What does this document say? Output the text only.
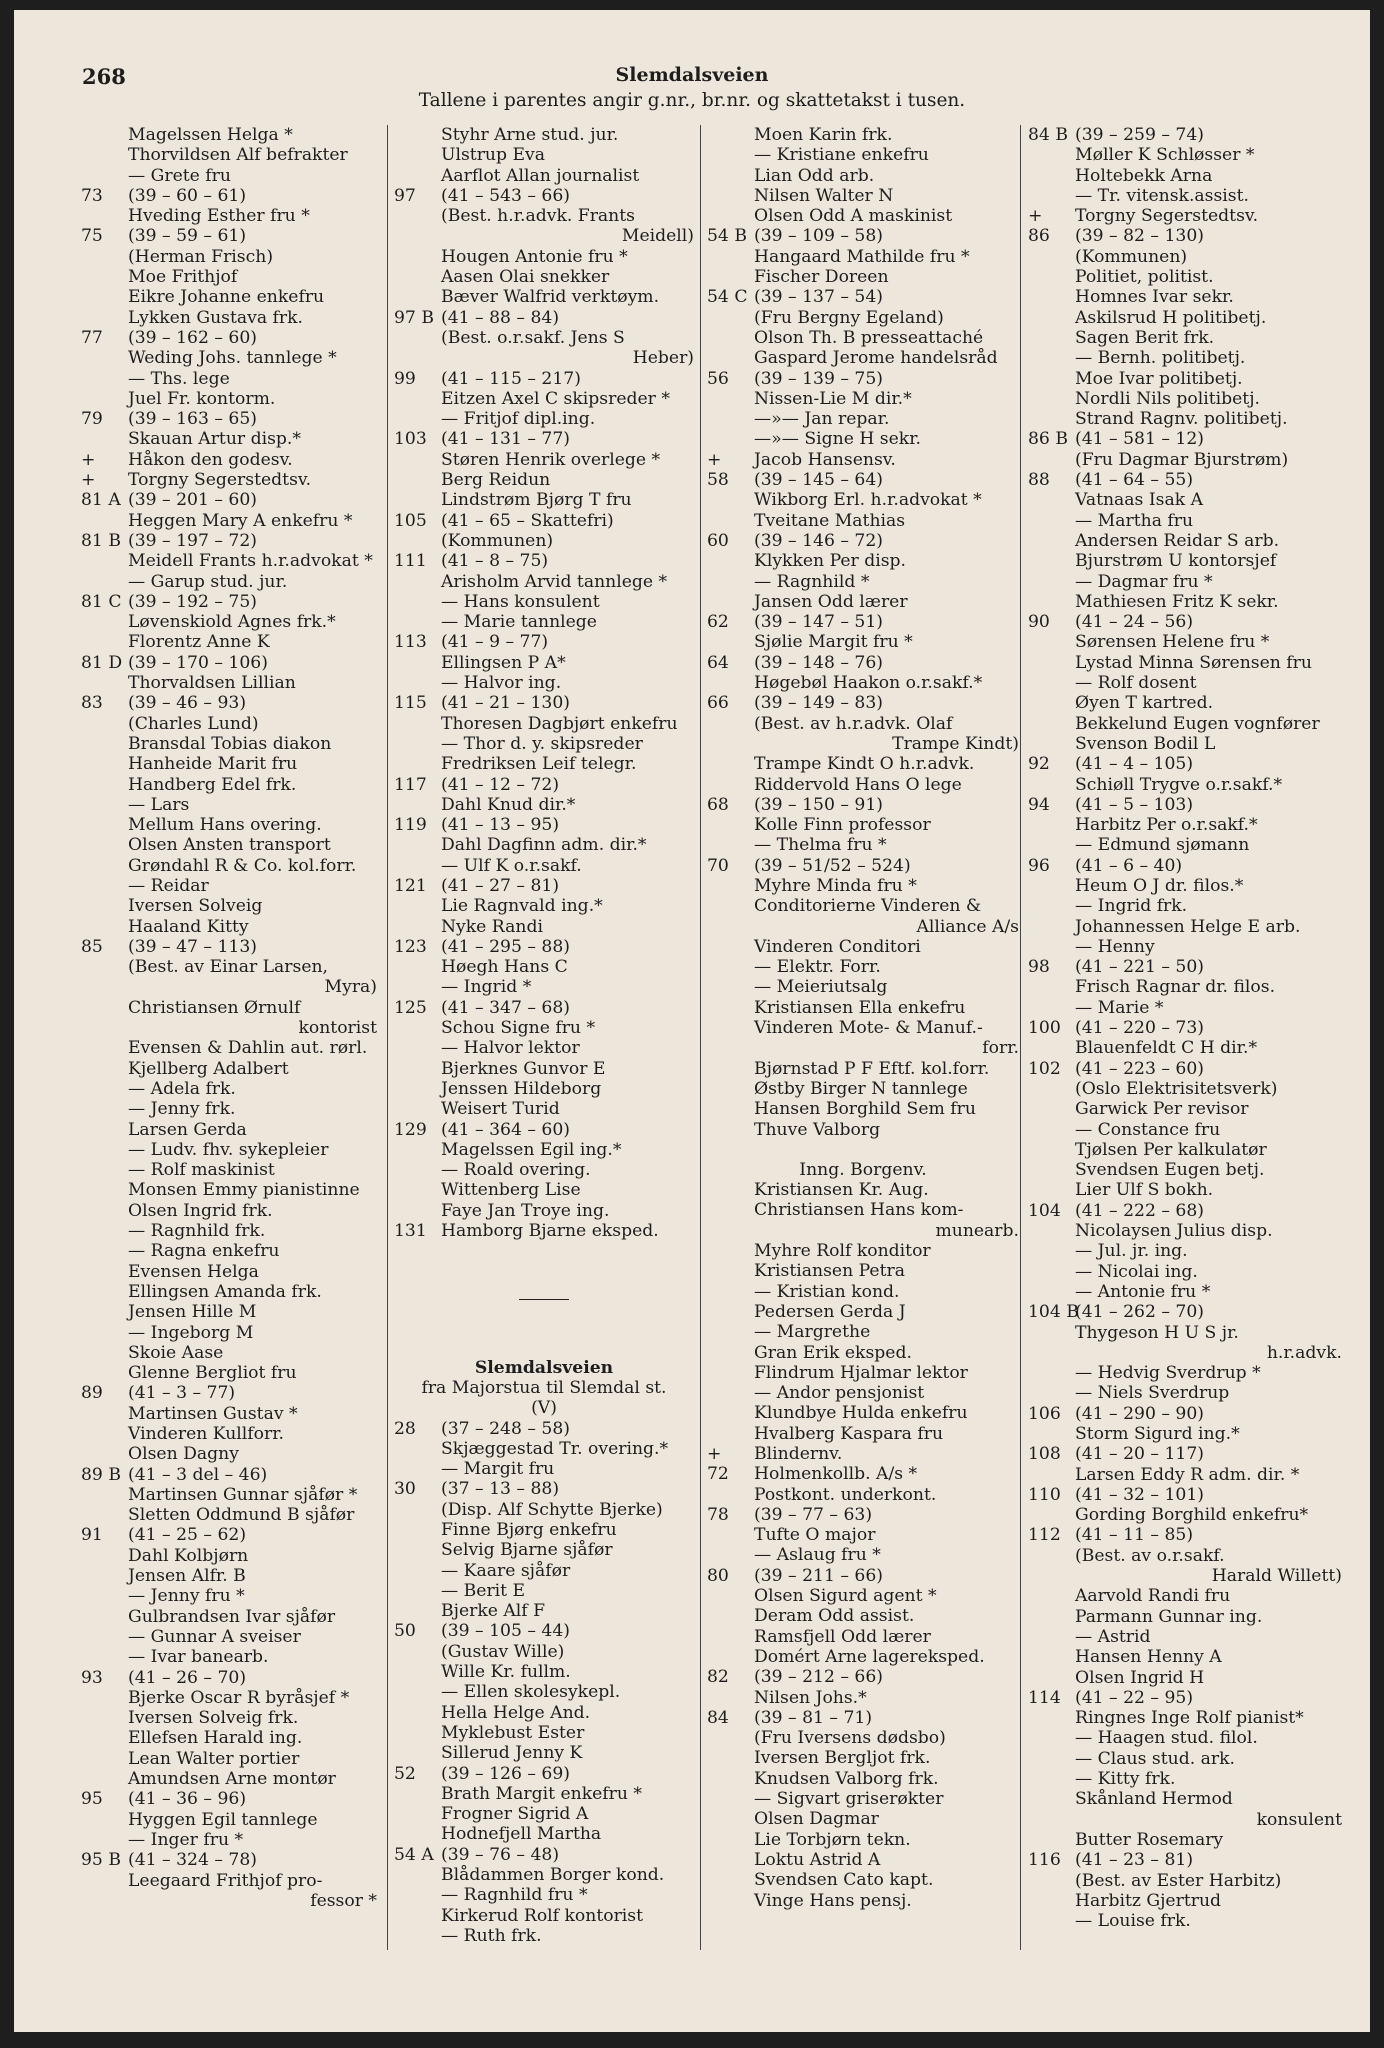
268	Slemdalsveien
Tallene i parentes angir g.nr., br.nr. og skattetakst i tusen.
Magelssen Helga *
Thorvildsen Alf befrakter
— Grete fru
73 (39 – 60 – 61)
Hveding Esther fru *
75 (39 – 59 – 61)
(Herman Frisch)
Moe Frithjof
Eikre Johanne enkefru
Lykken Gustava frk.
77 (39 – 162 – 60)
Weding Johs. tannlege *
— Ths. lege
Juel Fr. kontorm.
79 (39 – 163 – 65)
Skauan Artur disp.*
+ Håkon den godesv.
+ Torgny Segerstedtsv.
81 A (39 – 201 – 60)
Heggen Mary A enkefru *
81 B (39 – 197 – 72)
Meidell Frants h.r.advokat *
— Garup stud. jur.
81 C (39 – 192 – 75)
Løvenskiold Agnes frk.*
Florentz Anne K
81 D (39 – 170 – 106)
Thorvaldsen Lillian
83 (39 – 46 – 93)
(Charles Lund)
Bransdal Tobias diakon
Hanheide Marit fru
Handberg Edel frk.
— Lars
Mellum Hans overing.
Olsen Ansten transport
Grøndahl R & Co. kol.forr.
— Reidar
Iversen Solveig
Haaland Kitty
85 (39 – 47 – 113)
(Best. av Einar Larsen,
Myra)
Christiansen Ørnulf
kontorist
Evensen & Dahlin aut. rørl.
Kjellberg Adalbert
— Adela frk.
— Jenny frk.
Larsen Gerda
— Ludv. fhv. sykepleier
— Rolf maskinist
Monsen Emmy pianistinne
Olsen Ingrid frk.
— Ragnhild frk.
— Ragna enkefru
Evensen Helga
Ellingsen Amanda frk.
Jensen Hille M
— Ingeborg M
Skoie Aase
Glenne Bergliot fru
89 (41 – 3 – 77)
Martinsen Gustav *
Vinderen Kullforr.
Olsen Dagny
89 B (41 – 3 del – 46)
Martinsen Gunnar sjåfør *
Sletten Oddmund B sjåfør
91 (41 – 25 – 62)
Dahl Kolbjørn
Jensen Alfr. B
— Jenny fru *
Gulbrandsen Ivar sjåfør
— Gunnar A sveiser
— Ivar banearb.
93 (41 – 26 – 70)
Bjerke Oscar R byråsjef *
Iversen Solveig frk.
Ellefsen Harald ing.
Lean Walter portier
Amundsen Arne montør
95 (41 – 36 – 96)
Hyggen Egil tannlege
— Inger fru *
95 B (41 – 324 – 78)
Leegaard Frithjof pro-
fessor *
Styhr Arne stud. jur.
Ulstrup Eva
Aarflot Allan journalist
97 (41 – 543 – 66)
(Best. h.r.advk. Frants
Meidell)
Hougen Antonie fru *
Aasen Olai snekker
Bæver Walfrid verktøym.
97 B (41 – 88 – 84)
(Best. o.r.sakf. Jens S
Heber)
99 (41 – 115 – 217)
Eitzen Axel C skipsreder *
— Fritjof dipl.ing.
103 (41 – 131 – 77)
Støren Henrik overlege *
Berg Reidun
Lindstrøm Bjørg T fru
105 (41 – 65 – Skattefri)
(Kommunen)
111 (41 – 8 – 75)
Arisholm Arvid tannlege *
— Hans konsulent
— Marie tannlege
113 (41 – 9 – 77)
Ellingsen P A*
— Halvor ing.
115 (41 – 21 – 130)
Thoresen Dagbjørt enkefru
— Thor d. y. skipsreder
Fredriksen Leif telegr.
117 (41 – 12 – 72)
Dahl Knud dir.*
119 (41 – 13 – 95)
Dahl Dagfinn adm. dir.*
— Ulf K o.r.sakf.
121 (41 – 27 – 81)
Lie Ragnvald ing.*
Nyke Randi
123 (41 – 295 – 88)
Høegh Hans C
— Ingrid *
125 (41 – 347 – 68)
Schou Signe fru *
— Halvor lektor
Bjerknes Gunvor E
Jenssen Hildeborg
Weisert Turid
129 (41 – 364 – 60)
Magelssen Egil ing.*
— Roald overing.
Wittenberg Lise
Faye Jan Troye ing.
131 Hamborg Bjarne eksped.
Slemdalsveien
fra Majorstua til Slemdal st.
(V)
28 (37 – 248 – 58)
Skjæggestad Tr. overing.*
— Margit fru
30 (37 – 13 – 88)
(Disp. Alf Schytte Bjerke)
Finne Bjørg enkefru
Selvig Bjarne sjåfør
— Kaare sjåfør
— Berit E
Bjerke Alf F
50 (39 – 105 – 44)
(Gustav Wille)
Wille Kr. fullm.
— Ellen skolesykepl.
Hella Helge And.
Myklebust Ester
Sillerud Jenny K
52 (39 – 126 – 69)
Brath Margit enkefru *
Frogner Sigrid A
Hodnefjell Martha
54 A (39 – 76 – 48)
Blådammen Borger kond.
— Ragnhild fru *
Kirkerud Rolf kontorist
— Ruth frk.
Moen Karin frk.
— Kristiane enkefru
Lian Odd arb.
Nilsen Walter N
Olsen Odd A maskinist
54 B (39 – 109 – 58)
Hangaard Mathilde fru *
Fischer Doreen
54 C (39 – 137 – 54)
(Fru Bergny Egeland)
Olson Th. B presseattaché
Gaspard Jerome handelsråd
56 (39 – 139 – 75)
Nissen-Lie M dir.*
—»— Jan repar.
—»— Signe H sekr.
+ Jacob Hansensv.
58 (39 – 145 – 64)
Wikborg Erl. h.r.advokat *
Tveitane Mathias
60 (39 – 146 – 72)
Klykken Per disp.
— Ragnhild *
Jansen Odd lærer
62 (39 – 147 – 51)
Sjølie Margit fru *
64 (39 – 148 – 76)
Høgebøl Haakon o.r.sakf.*
66 (39 – 149 – 83)
(Best. av h.r.advk. Olaf
Trampe Kindt)
Trampe Kindt O h.r.advk.
Riddervold Hans O lege
68 (39 – 150 – 91)
Kolle Finn professor
— Thelma fru *
70 (39 – 51/52 – 524)
Myhre Minda fru *
Conditorierne Vinderen &
Alliance A/s
Vinderen Conditori
— Elektr. Forr.
— Meieriutsalg
Kristiansen Ella enkefru
Vinderen Mote- & Manuf.-
forr.
Bjørnstad P F Eftf. kol.forr.
Østby Birger N tannlege
Hansen Borghild Sem fru
Thuve Valborg
Inng. Borgenv.
Kristiansen Kr. Aug.
Christiansen Hans kom-
munearb.
Myhre Rolf konditor
Kristiansen Petra
— Kristian kond.
Pedersen Gerda J
— Margrethe
Gran Erik eksped.
Flindrum Hjalmar lektor
— Andor pensjonist
Klundbye Hulda enkefru
Hvalberg Kaspara fru
+ Blindernv.
72 Holmenkollb. A/s *
Postkont. underkont.
78 (39 – 77 – 63)
Tufte O major
— Aslaug fru *
80 (39 – 211 – 66)
Olsen Sigurd agent *
Deram Odd assist.
Ramsfjell Odd lærer
Domért Arne lagereksped.
82 (39 – 212 – 66)
Nilsen Johs.*
84 (39 – 81 – 71)
(Fru Iversens dødsbo)
Iversen Bergljot frk.
Knudsen Valborg frk.
— Sigvart griserøkter
Olsen Dagmar
Lie Torbjørn tekn.
Loktu Astrid A
Svendsen Cato kapt.
Vinge Hans pensj.
84 B (39 – 259 – 74)
Møller K Schløsser *
Holtebekk Arna
— Tr. vitensk.assist.
+ Torgny Segerstedtsv.
86 (39 – 82 – 130)
(Kommunen)
Politiet, politist.
Homnes Ivar sekr.
Askilsrud H politibetj.
Sagen Berit frk.
— Bernh. politibetj.
Moe Ivar politibetj.
Nordli Nils politibetj.
Strand Ragnv. politibetj.
86 B (41 – 581 – 12)
(Fru Dagmar Bjurstrøm)
88 (41 – 64 – 55)
Vatnaas Isak A
— Martha fru
Andersen Reidar S arb.
Bjurstrøm U kontorsjef
— Dagmar fru *
Mathiesen Fritz K sekr.
90 (41 – 24 – 56)
Sørensen Helene fru *
Lystad Minna Sørensen fru
— Rolf dosent
Øyen T kartred.
Bekkelund Eugen vognfører
Svenson Bodil L
92 (41 – 4 – 105)
Schiøll Trygve o.r.sakf.*
94 (41 – 5 – 103)
Harbitz Per o.r.sakf.*
— Edmund sjømann
96 (41 – 6 – 40)
Heum O J dr. filos.*
— Ingrid frk.
Johannessen Helge E arb.
— Henny
98 (41 – 221 – 50)
Frisch Ragnar dr. filos.
— Marie *
100 (41 – 220 – 73)
Blauenfeldt C H dir.*
102 (41 – 223 – 60)
(Oslo Elektrisitetsverk)
Garwick Per revisor
— Constance fru
Tjølsen Per kalkulatør
Svendsen Eugen betj.
Lier Ulf S bokh.
104 (41 – 222 – 68)
Nicolaysen Julius disp.
— Jul. jr. ing.
— Nicolai ing.
— Antonie fru *
104 B(41 – 262 – 70)
Thygeson H U S jr.
h.r.advk.
— Hedvig Sverdrup *
— Niels Sverdrup
106 (41 – 290 – 90)
Storm Sigurd ing.*
108 (41 – 20 – 117)
Larsen Eddy R adm. dir. *
110 (41 – 32 – 101)
Gording Borghild enkefru*
112 (41 – 11 – 85)
(Best. av o.r.sakf.
Harald Willett)
Aarvold Randi fru
Parmann Gunnar ing.
— Astrid
Hansen Henny A
Olsen Ingrid H
114 (41 – 22 – 95)
Ringnes Inge Rolf pianist*
— Haagen stud. filol.
— Claus stud. ark.
— Kitty frk.
Skånland Hermod
konsulent
Butter Rosemary
116 (41 – 23 – 81)
(Best. av Ester Harbitz)
Harbitz Gjertrud
— Louise frk.
